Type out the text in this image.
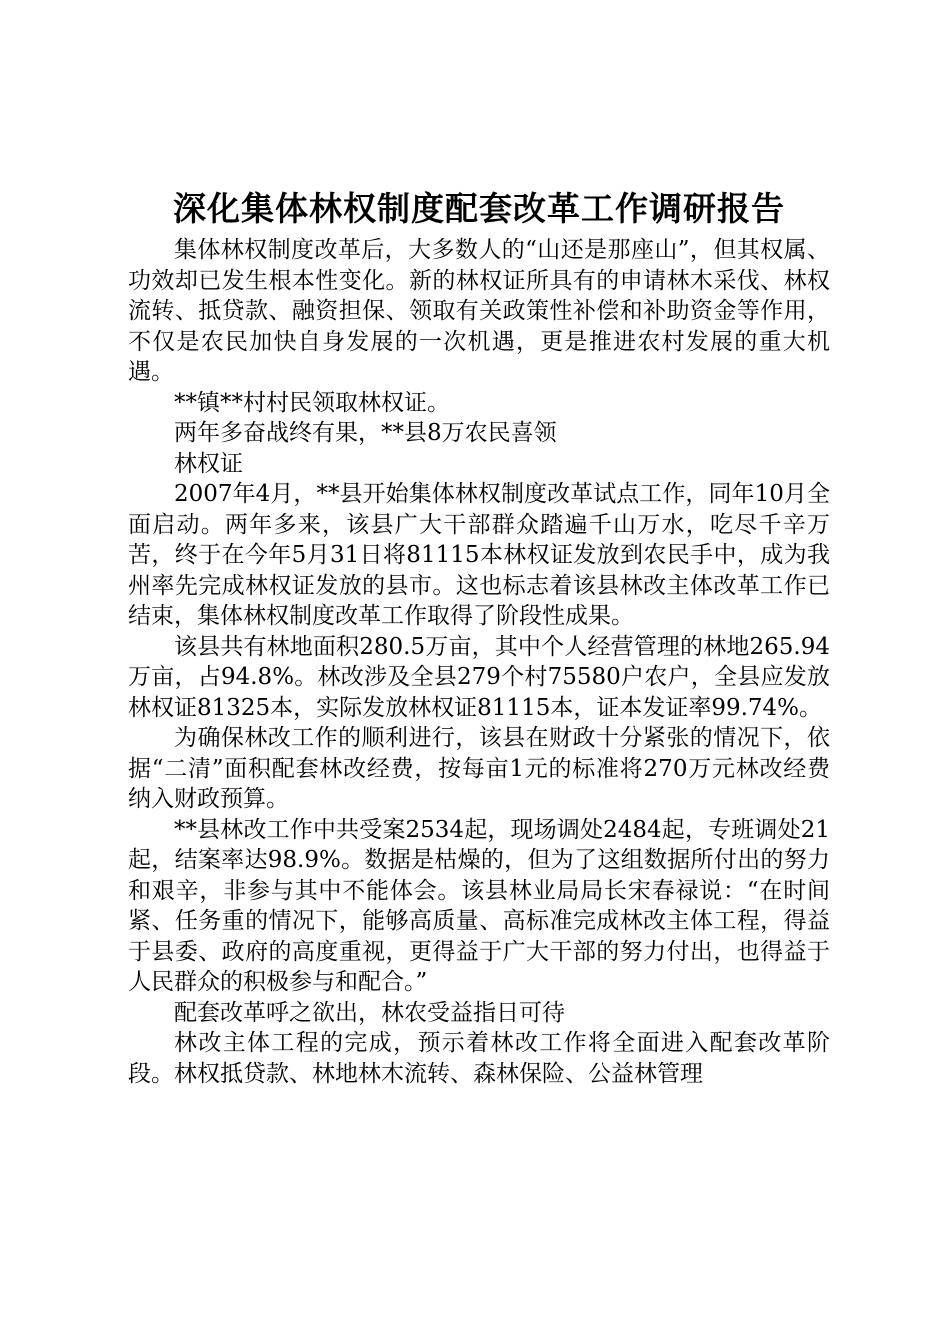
深化集体林权制度配套改革工作调研报告

集体林权制度改革后，大多数人的“山还是那座山”，但其权属、功效却已发生根本性变化。新的林权证所具有的申请林木采伐、林权流转、抵贷款、融资担保、领取有关政策性补偿和补助资金等作用，不仅是农民加快自身发展的一次机遇，更是推进农村发展的重大机遇。

**镇**村村民领取林权证。

两年多奋战终有果，**县8万农民喜领

林权证

2007年4月，**县开始集体林权制度改革试点工作，同年10月全面启动。两年多来，该县广大干部群众踏遍千山万水，吃尽千辛万苦，终于在今年5月31日将81115本林权证发放到农民手中，成为我州率先完成林权证发放的县市。这也标志着该县林改主体改革工作已结束，集体林权制度改革工作取得了阶段性成果。

该县共有林地面积280.5万亩，其中个人经营管理的林地265.94万亩，占94.8%。林改涉及全县279个村75580户农户，全县应发放林权证81325本，实际发放林权证81115本，证本发证率99.74%。

为确保林改工作的顺利进行，该县在财政十分紧张的情况下，依据“二清”面积配套林改经费，按每亩1元的标准将270万元林改经费纳入财政预算。

**县林改工作中共受案2534起，现场调处2484起，专班调处21起，结案率达98.9%。数据是枯燥的，但为了这组数据所付出的努力和艰辛，非参与其中不能体会。该县林业局局长宋春禄说：“在时间紧、任务重的情况下，能够高质量、高标准完成林改主体工程，得益于县委、政府的高度重视，更得益于广大干部的努力付出，也得益于人民群众的积极参与和配合。”

配套改革呼之欲出，林农受益指日可待

林改主体工程的完成，预示着林改工作将全面进入配套改革阶段。林权抵贷款、林地林木流转、森林保险、公益林管理
